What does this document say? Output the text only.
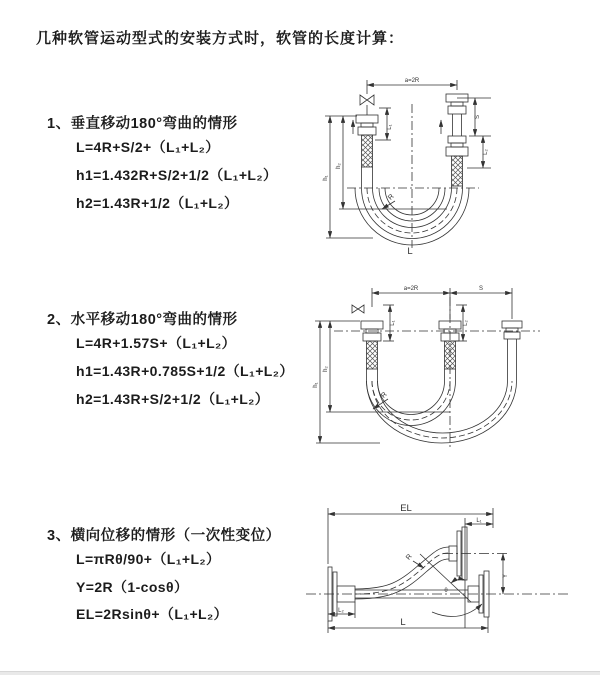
几种软管运动型式的安装方式时，软管的长度计算：
1、垂直移动180°弯曲的情形
L=4R+S/2+（L₁+L₂）
h1=1.432R+S/2+1/2（L₁+L₂）
h2=1.43R+1/2（L₁+L₂）
a=2R
L₁
S
L₂
h₁
h₂
R
L
2、水平移动180°弯曲的情形
L=4R+1.57S+（L₁+L₂）
h1=1.43R+0.785S+1/2（L₁+L₂）
h2=1.43R+S/2+1/2（L₁+L₂）
a=2R	S
L₁	L₂
h₁
h₂
R
3、横向位移的情形（一次性变位）
L=πRθ/90+（L₁+L₂）
Y=2R（1-cosθ）
EL=2Rsinθ+（L₁+L₂）
EL
L₁
L₂
Y
θ
R
L
